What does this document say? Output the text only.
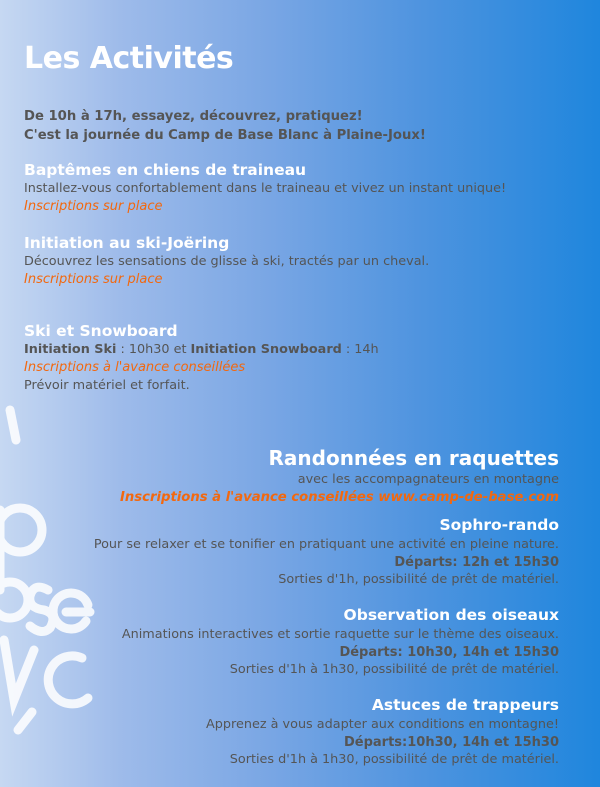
Les Activités
De 10h à 17h, essayez, découvrez, pratiquez!
C'est la journée du Camp de Base Blanc à Plaine-Joux!
Baptêmes en chiens de traineau
Installez-vous confortablement dans le traineau et vivez un instant unique!
Inscriptions sur place
Initiation au ski-Joëring
Découvrez les sensations de glisse à ski, tractés par un cheval.
Inscriptions sur place
Ski et Snowboard
Initiation Ski : 10h30 et Initiation Snowboard : 14h
Inscriptions à l'avance conseillées
Prévoir matériel et forfait.
Randonnées en raquettes
avec les accompagnateurs en montagne
Inscriptions à l'avance conseillées www.camp-de-base.com
Sophro-rando
Pour se relaxer et se tonifier en pratiquant une activité en pleine nature.
Départs: 12h et 15h30
Sorties d'1h, possibilité de prêt de matériel.
Observation des oiseaux
Animations interactives et sortie raquette sur le thème des oiseaux.
Départs: 10h30, 14h et 15h30
Sorties d'1h à 1h30, possibilité de prêt de matériel.
Astuces de trappeurs
Apprenez à vous adapter aux conditions en montagne!
Départs:10h30, 14h et 15h30
Sorties d'1h à 1h30, possibilité de prêt de matériel.
